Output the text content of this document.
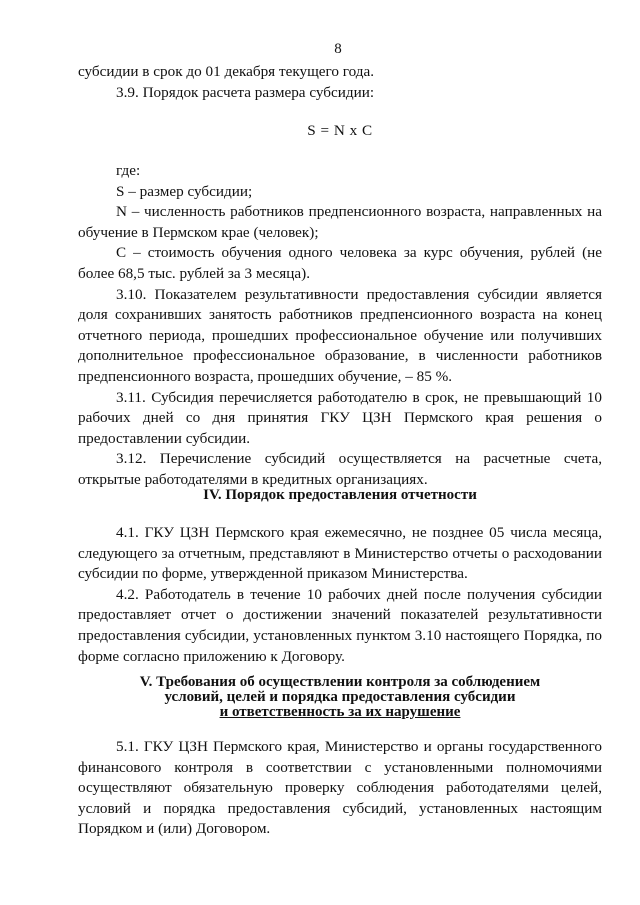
8

субсидии в срок до 01 декабря текущего года.

3.9. Порядок расчета размера субсидии:

S = N x C

где:

S – размер субсидии;

N – численность работников предпенсионного возраста, направленных на обучение в Пермском крае (человек);

C – стоимость обучения одного человека за курс обучения, рублей (не более 68,5 тыс. рублей за 3 месяца).

3.10. Показателем результативности предоставления субсидии является доля сохранивших занятость работников предпенсионного возраста на конец отчетного периода, прошедших профессиональное обучение или получивших дополнительное профессиональное образование, в численности работников предпенсионного возраста, прошедших обучение, – 85 %.

3.11. Субсидия перечисляется работодателю в срок, не превышающий 10 рабочих дней со дня принятия ГКУ ЦЗН Пермского края решения о предоставлении субсидии.

3.12. Перечисление субсидий осуществляется на расчетные счета, открытые работодателями в кредитных организациях.

IV. Порядок предоставления отчетности

4.1. ГКУ ЦЗН Пермского края ежемесячно, не позднее 05 числа месяца, следующего за отчетным, представляют в Министерство отчеты о расходовании субсидии по форме, утвержденной приказом Министерства.

4.2. Работодатель в течение 10 рабочих дней после получения субсидии предоставляет отчет о достижении значений показателей результативности предоставления субсидии, установленных пунктом 3.10 настоящего Порядка, по форме согласно приложению к Договору.

V. Требования об осуществлении контроля за соблюдением
условий, целей и порядка предоставления субсидии
и ответственность за их нарушение

5.1. ГКУ ЦЗН Пермского края, Министерство и органы государственного финансового контроля в соответствии с установленными полномочиями осуществляют обязательную проверку соблюдения работодателями целей, условий и порядка предоставления субсидий, установленных настоящим Порядком и (или) Договором.
